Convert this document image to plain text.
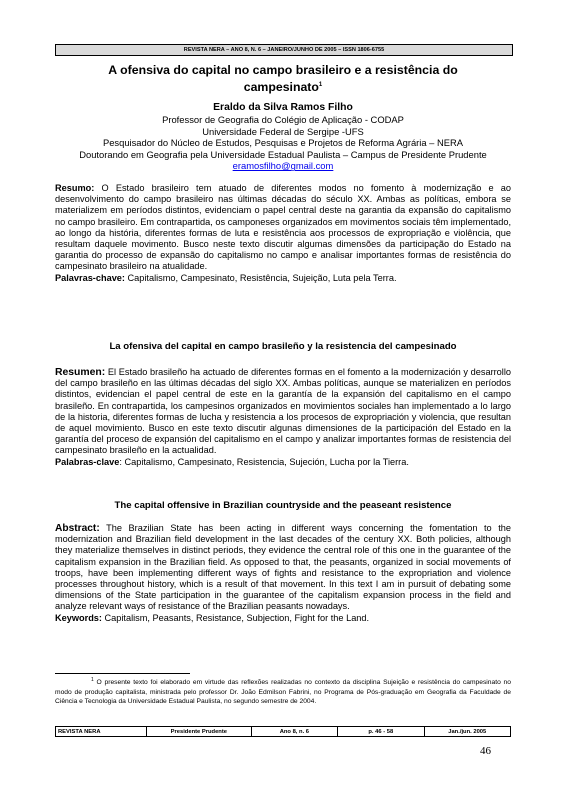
REVISTA NERA – ANO 8, N. 6 – JANEIRO/JUNHO DE 2005 – ISSN 1806-6755
A ofensiva do capital no campo brasileiro e a resistência do
campesinato$^1$
Eraldo da Silva Ramos Filho
Professor de Geografia do Colégio de Aplicação - CODAP
Universidade Federal de Sergipe -UFS
Pesquisador do Núcleo de Estudos, Pesquisas e Projetos de Reforma Agrária – NERA
Doutorando em Geografia pela Universidade Estadual Paulista – Campus de Presidente Prudente
eramosfilho@gmail.com
Resumo: O Estado brasileiro tem atuado de diferentes modos no fomento à modernização e ao desenvolvimento do campo brasileiro nas últimas décadas do século XX. Ambas as políticas, embora se materializem em períodos distintos, evidenciam o papel central deste na garantia da expansão do capitalismo no campo brasileiro. Em contrapartida, os camponeses organizados em movimentos sociais têm implementado, ao longo da história, diferentes formas de luta e resistência aos processos de expropriação e violência, que resultam daquele movimento. Busco neste texto discutir algumas dimensões da participação do Estado na garantia do processo de expansão do capitalismo no campo e analisar importantes formas de resistência do campesinato brasileiro na atualidade.
Palavras-chave: Capitalismo, Campesinato, Resistência, Sujeição, Luta pela Terra.
La ofensiva del capital en campo brasileño y la resistencia del campesinado
Resumen: El Estado brasileño ha actuado de diferentes formas en el fomento a la modernización y desarrollo del campo brasileño en las últimas décadas del siglo XX. Ambas políticas, aunque se materializen en períodos distintos, evidencian el papel central de este en la garantía de la expansión del capitalismo en el campo brasileño. En contrapartida, los campesinos organizados en movimientos sociales han implementado a lo largo de la historia, diferentes formas de lucha y resistencia a los procesos de expropriación y violencia, que resultan de aquel movimiento. Busco en este texto discutir algunas dimensiones de la participación del Estado en la garantía del proceso de expansión del capitalismo en el campo y analizar importantes formas de resistencia del campesinato brasileño en la actualidad.
Palabras-clave: Capitalismo, Campesinato, Resistencia, Sujeción, Lucha por la Tierra.
The capital offensive in Brazilian countryside and the peaseant resistence
Abstract: The Brazilian State has been acting in different ways concerning the fomentation to the modernization and Brazilian field development in the last decades of the century XX. Both policies, although they materialize themselves in distinct periods, they evidence the central role of this one in the guarantee of the capitalism expansion in the Brazilian field. As opposed to that, the peasants, organized in social movements of troops, have been implementing different ways of fights and resistance to the expropriation and violence processes throughout history, which is a result of that movement. In this text I am in pursuit of debating some dimensions of the State participation in the guarantee of the capitalism expansion process in the field and analyze relevant ways of resistance of the Brazilian peasants nowadays.
Keywords: Capitalism, Peasants, Resistance, Subjection, Fight for the Land.
$^1$ O presente texto foi elaborado em virtude das reflexões realizadas no contexto da disciplina Sujeição e resistência do campesinato no modo de produção capitalista, ministrada pelo professor Dr. João Edmilson Fabrini, no Programa de Pós-graduação em Geografia da Faculdade de Ciência e Tecnologia da Universidade Estadual Paulista, no segundo semestre de 2004.
REVISTA NERA	Presidente Prudente	Ano 8, n. 6	p. 46 - 58	Jan./jun. 2005
46
